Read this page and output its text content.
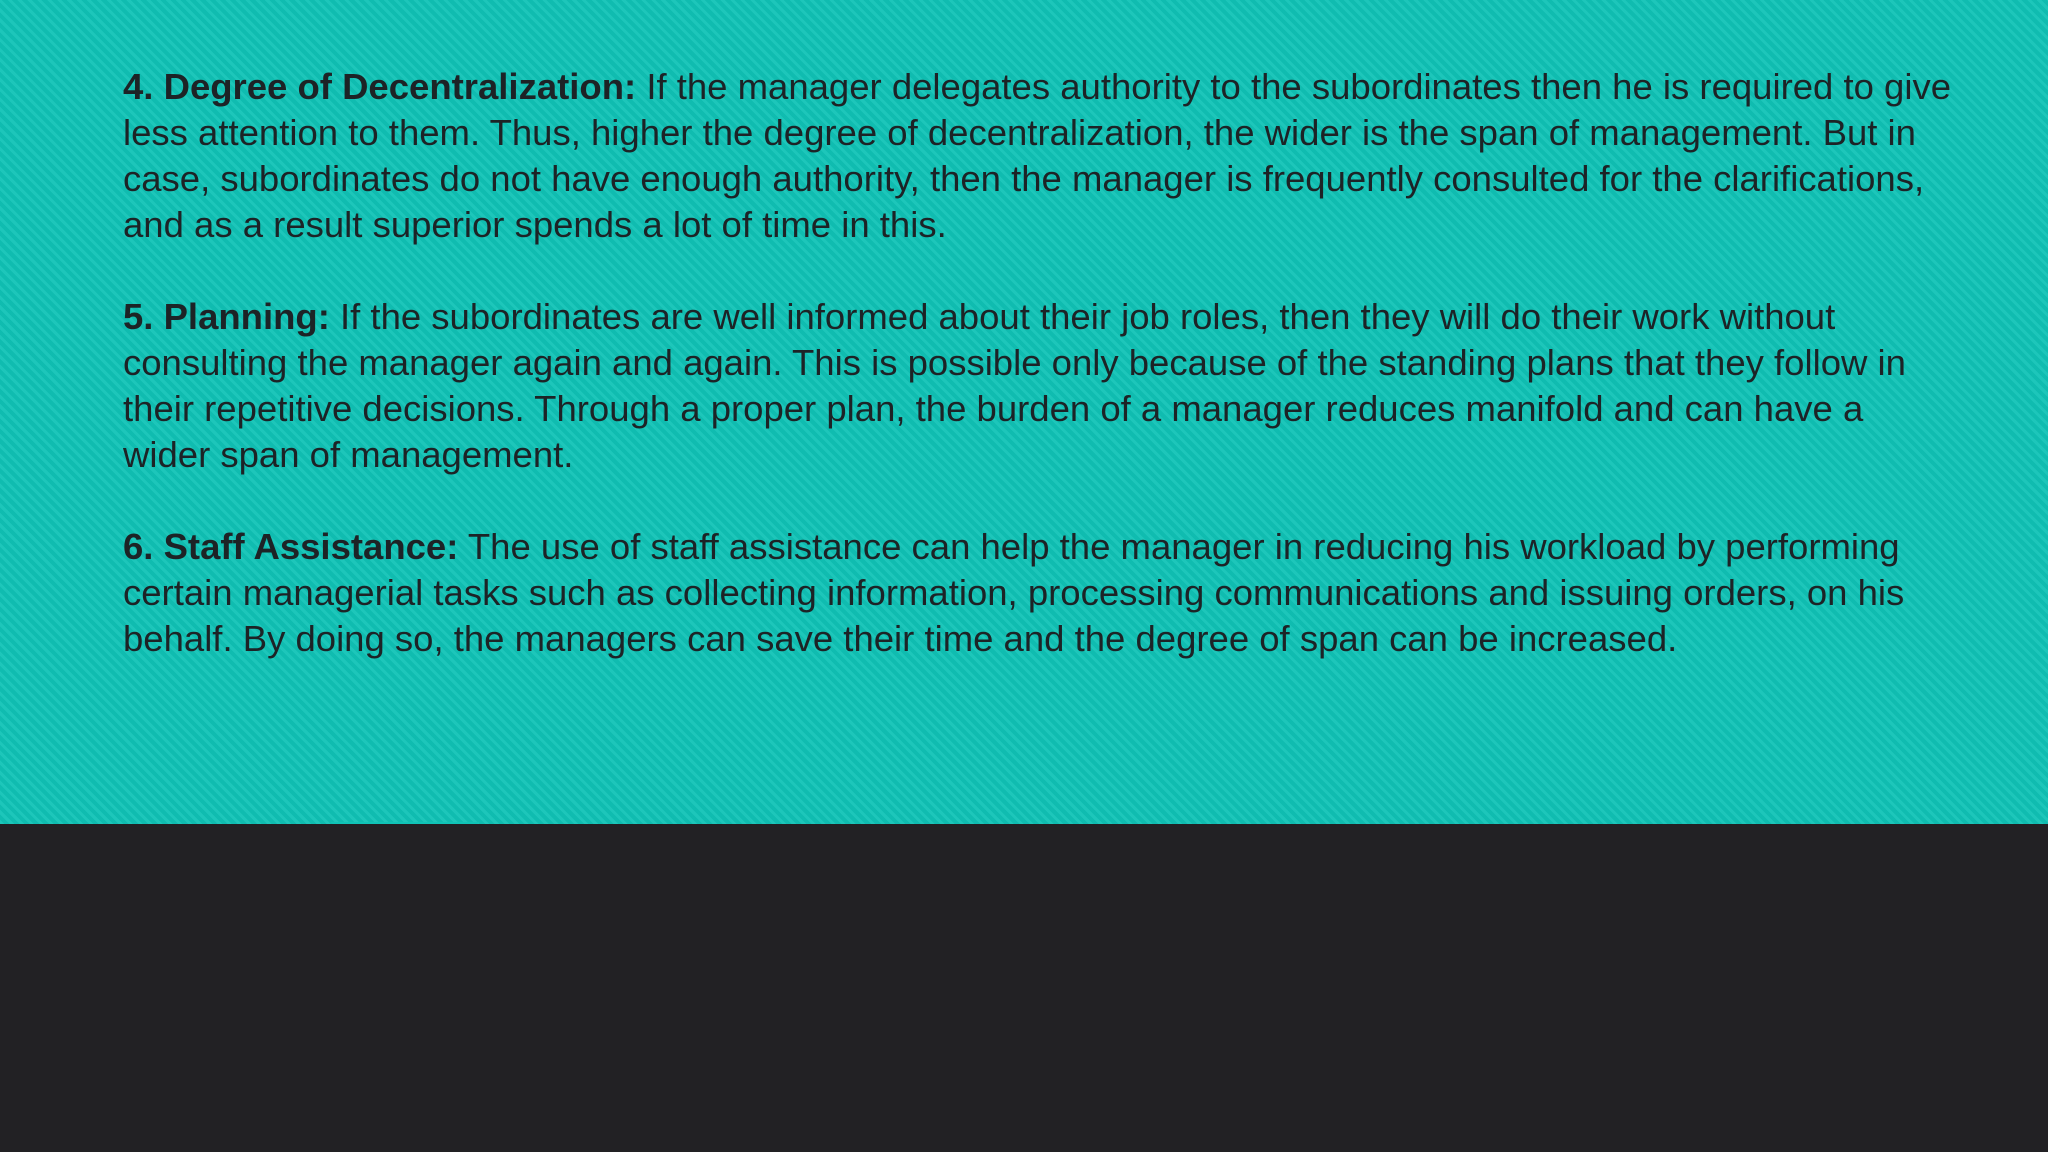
4. Degree of Decentralization: If the manager delegates authority to the subordinates then he is required to give less attention to them. Thus, higher the degree of decentralization, the wider is the span of management. But in case, subordinates do not have enough authority, then the manager is frequently consulted for the clarifications, and as a result superior spends a lot of time in this.

5. Planning: If the subordinates are well informed about their job roles, then they will do their work without consulting the manager again and again. This is possible only because of the standing plans that they follow in their repetitive decisions. Through a proper plan, the burden of a manager reduces manifold and can have a wider span of management.

6. Staff Assistance: The use of staff assistance can help the manager in reducing his workload by performing certain managerial tasks such as collecting information, processing communications and issuing orders, on his behalf. By doing so, the managers can save their time and the degree of span can be increased.
